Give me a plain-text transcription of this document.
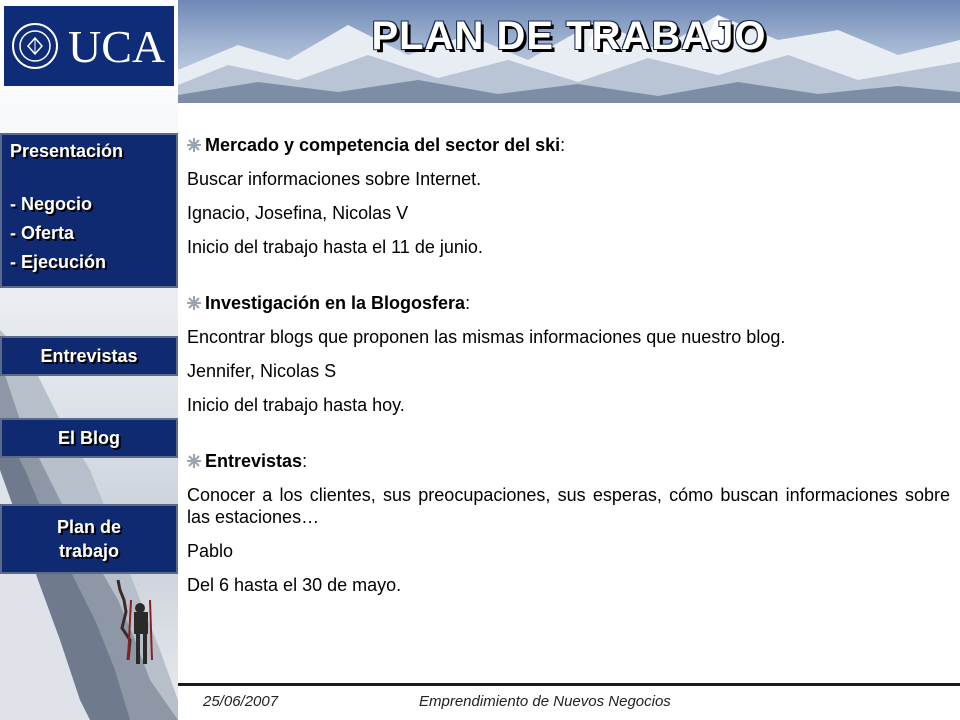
UCA
Presentación
- Negocio
- Oferta
- Ejecución
Entrevistas
El Blog
Plan de
trabajo
PLAN DE TRABAJO

Mercado y competencia del sector del ski :

Buscar informaciones sobre Internet.

Ignacio, Josefina, Nicolas V

Inicio del trabajo hasta el 11 de junio.

Investigación en la Blogosfera :

Encontrar blogs que proponen las mismas informaciones que nuestro blog.

Jennifer, Nicolas S

Inicio del trabajo hasta hoy.

Entrevistas :

Conocer a los clientes, sus preocupaciones, sus esperas, cómo buscan informaciones sobre las estaciones…

Pablo

Del 6 hasta el 30 de mayo.

25/06/2007	Emprendimiento de Nuevos Negocios
